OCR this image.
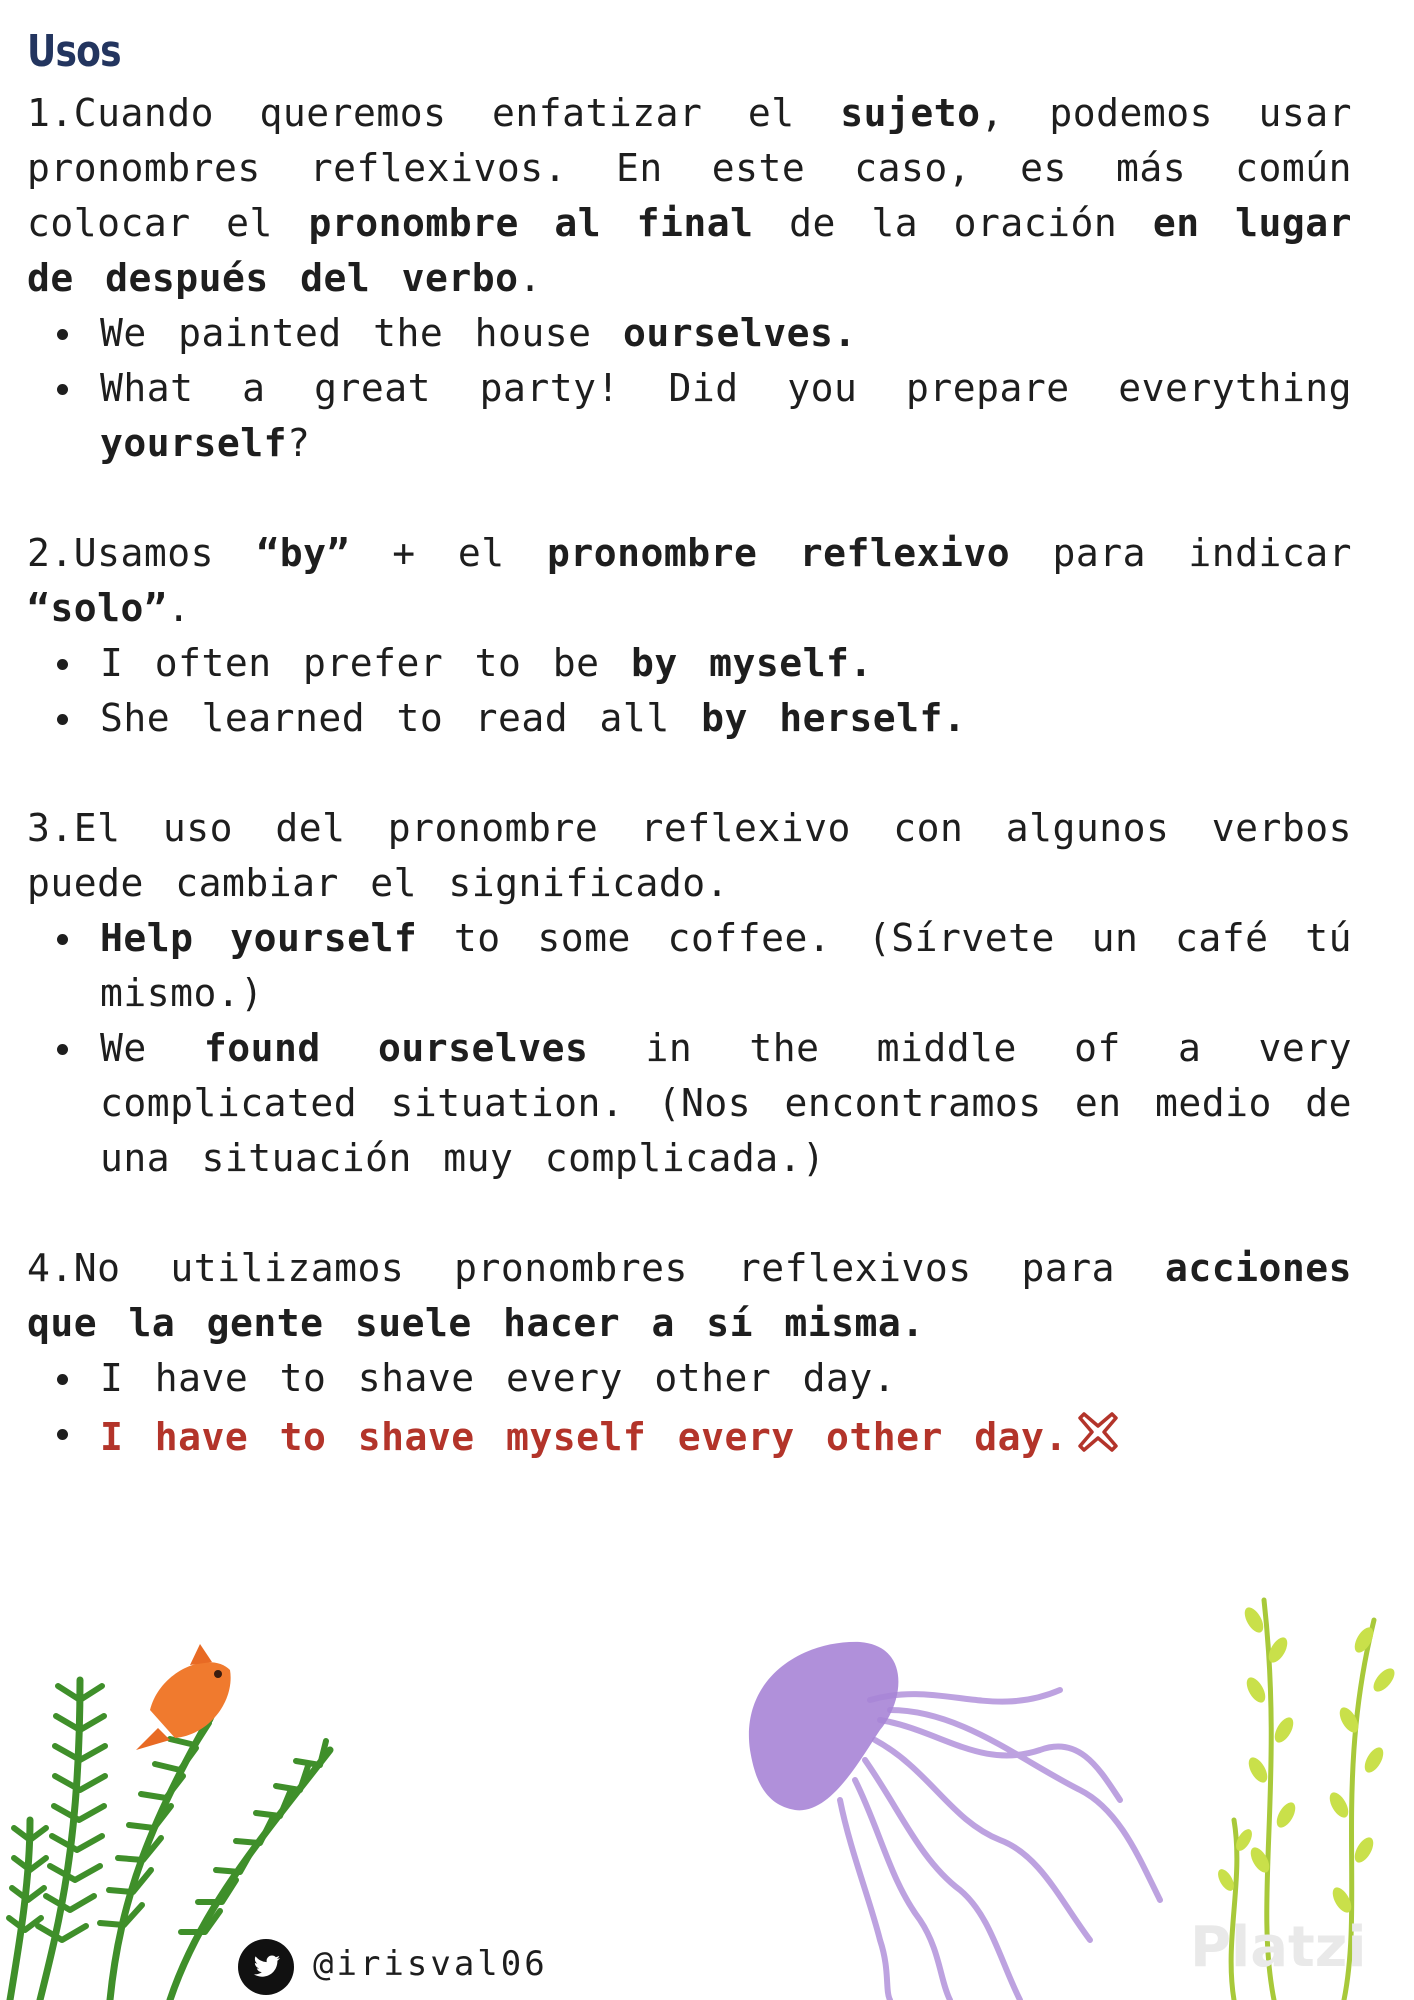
Usos

1.Cuando queremos enfatizar el sujeto, podemos usar pronombres reflexivos. En este caso, es más común colocar el pronombre al final de la oración en lugar de después del verbo.

We painted the house ourselves.
What a great party! Did you prepare everything yourself?

2.Usamos “by” + el pronombre reflexivo para indicar “solo”.

I often prefer to be by myself.
She learned to read all by herself.

3.El uso del pronombre reflexivo con algunos verbos puede cambiar el significado.

Help yourself to some coffee. (Sírvete un café tú mismo.)
We found ourselves in the middle of a very complicated situation. (Nos encontramos en medio de una situación muy complicada.)

4.No utilizamos pronombres reflexivos para acciones que la gente suele hacer a sí misma.

I have to shave every other day.
I have to shave myself every other day.
Platzi
@irisval06
